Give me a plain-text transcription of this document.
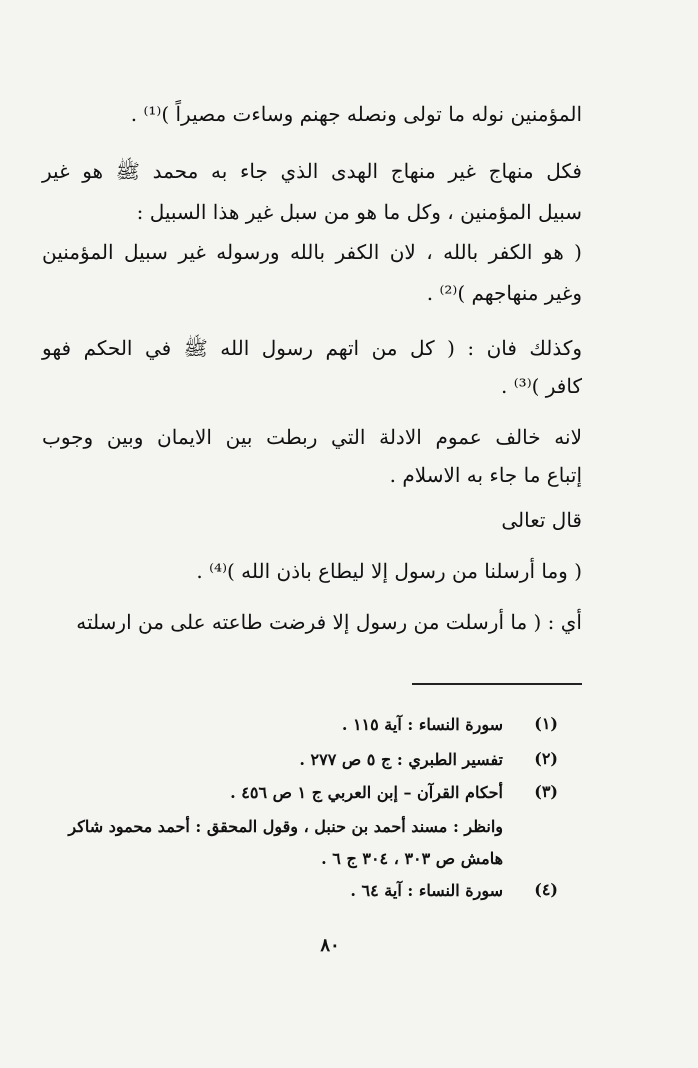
المؤمنين نوله ما تولى ونصله جهنم وساءت مصيراً )⁽¹⁾ .
فكل منهاج غير منهاج الهدى الذي جاء به محمد ﷺ هو غير
سبيل المؤمنين ، وكل ما هو من سبل غير هذا السبيل :
( هو الكفر بالله ، لان الكفر بالله ورسوله غير سبيل المؤمنين
وغير منهاجهم )⁽²⁾ .
وكذلك فان : ( كل من اتهم رسول الله ﷺ في الحكم فهو
كافر )⁽³⁾ .
لانه خالف عموم الادلة التي ربطت بين الايمان وبين وجوب
إتباع ما جاء به الاسلام .
قال تعالى
( وما أرسلنا من رسول إلا ليطاع باذن الله )⁽⁴⁾ .
أي : ( ما أرسلت من رسول إلا فرضت طاعته على من ارسلته
(١)
سورة النساء : آية ١١٥ .
(٢)
تفسير الطبري : ج ٥ ص ٢٧٧ .
(٣)
أحكام القرآن – إبن العربي ج ١ ص ٤٥٦ .
وانظر : مسند أحمد بن حنبل ، وقول المحقق : أحمد محمود شاكر
هامش ص ٣٠٣ ، ٣٠٤ ج ٦ .
(٤)
سورة النساء : آية ٦٤ .
٨٠
